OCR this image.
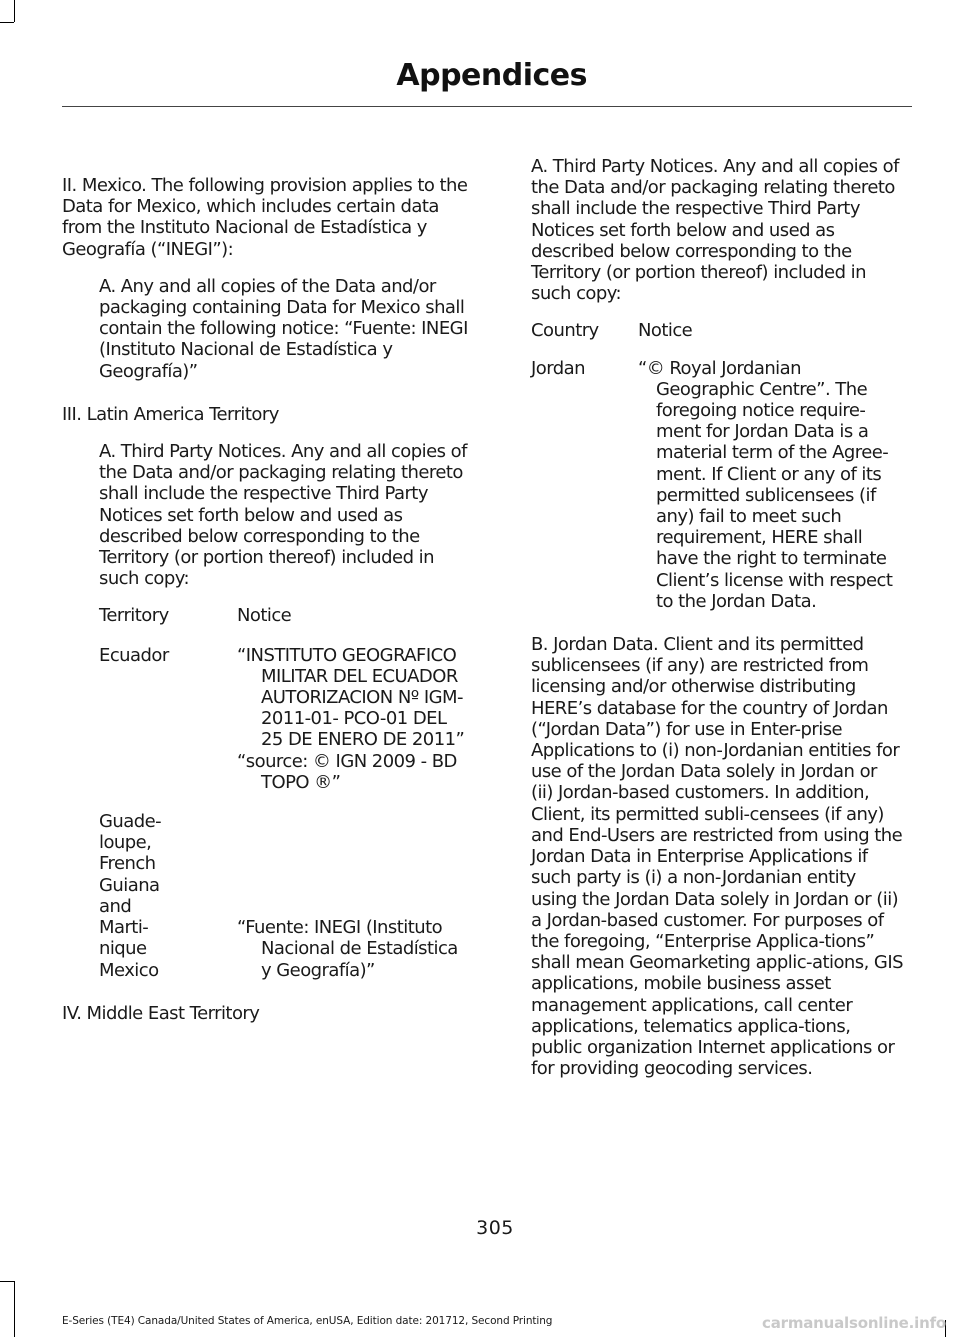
Appendices

II. Mexico. The following provision applies to the Data for Mexico, which includes certain data from the Instituto Nacional de Estadística y Geografía (“INEGI”):

A. Any and all copies of the Data and/or packaging containing Data for Mexico shall contain the following notice: “Fuente: INEGI (Instituto Nacional de Estadística y Geografía)”

III. Latin America Territory

A. Third Party Notices. Any and all copies of the Data and/or packaging relating thereto shall include the respective Third Party Notices set forth below and used as described below corresponding to the Territory (or portion thereof) included in such copy:

Territory	Notice

Ecuador	“INSTITUTO GEOGRAFICO MILITAR DEL ECUADOR AUTORIZACION Nº IGM-2011-01- PCO-01 DEL 25 DE ENERO DE 2011”
“source: © IGN 2009 - BD TOPO ®”

Guade-loupe, French Guiana and Marti-nique Mexico	“Fuente: INEGI (Instituto Nacional de Estadística y Geografía)”

IV. Middle East Territory

A. Third Party Notices. Any and all copies of the Data and/or packaging relating thereto shall include the respective Third Party Notices set forth below and used as described below corresponding to the Territory (or portion thereof) included in such copy:

Country	Notice

Jordan	“© Royal Jordanian Geographic Centre”. The foregoing notice require-ment for Jordan Data is a material term of the Agree-ment. If Client or any of its permitted sublicensees (if any) fail to meet such requirement, HERE shall have the right to terminate Client’s license with respect to the Jordan Data.

B. Jordan Data. Client and its permitted sublicensees (if any) are restricted from licensing and/or otherwise distributing HERE’s database for the country of Jordan (“Jordan Data”) for use in Enter-prise Applications to (i) non-Jordanian entities for use of the Jordan Data solely in Jordan or (ii) Jordan-based customers. In addition, Client, its permitted subli-censees (if any) and End-Users are restricted from using the Jordan Data in Enterprise Applications if such party is (i) a non-Jordanian entity using the Jordan Data solely in Jordan or (ii) a Jordan-based customer. For purposes of the foregoing, “Enterprise Applica-tions” shall mean Geomarketing applic-ations, GIS applications, mobile business asset management applications, call center applications, telematics applica-tions, public organization Internet applications or for providing geocoding services.

305
E-Series (TE4) Canada/United States of America, enUSA, Edition date: 201712, Second Printing	carmanualsonline.info
